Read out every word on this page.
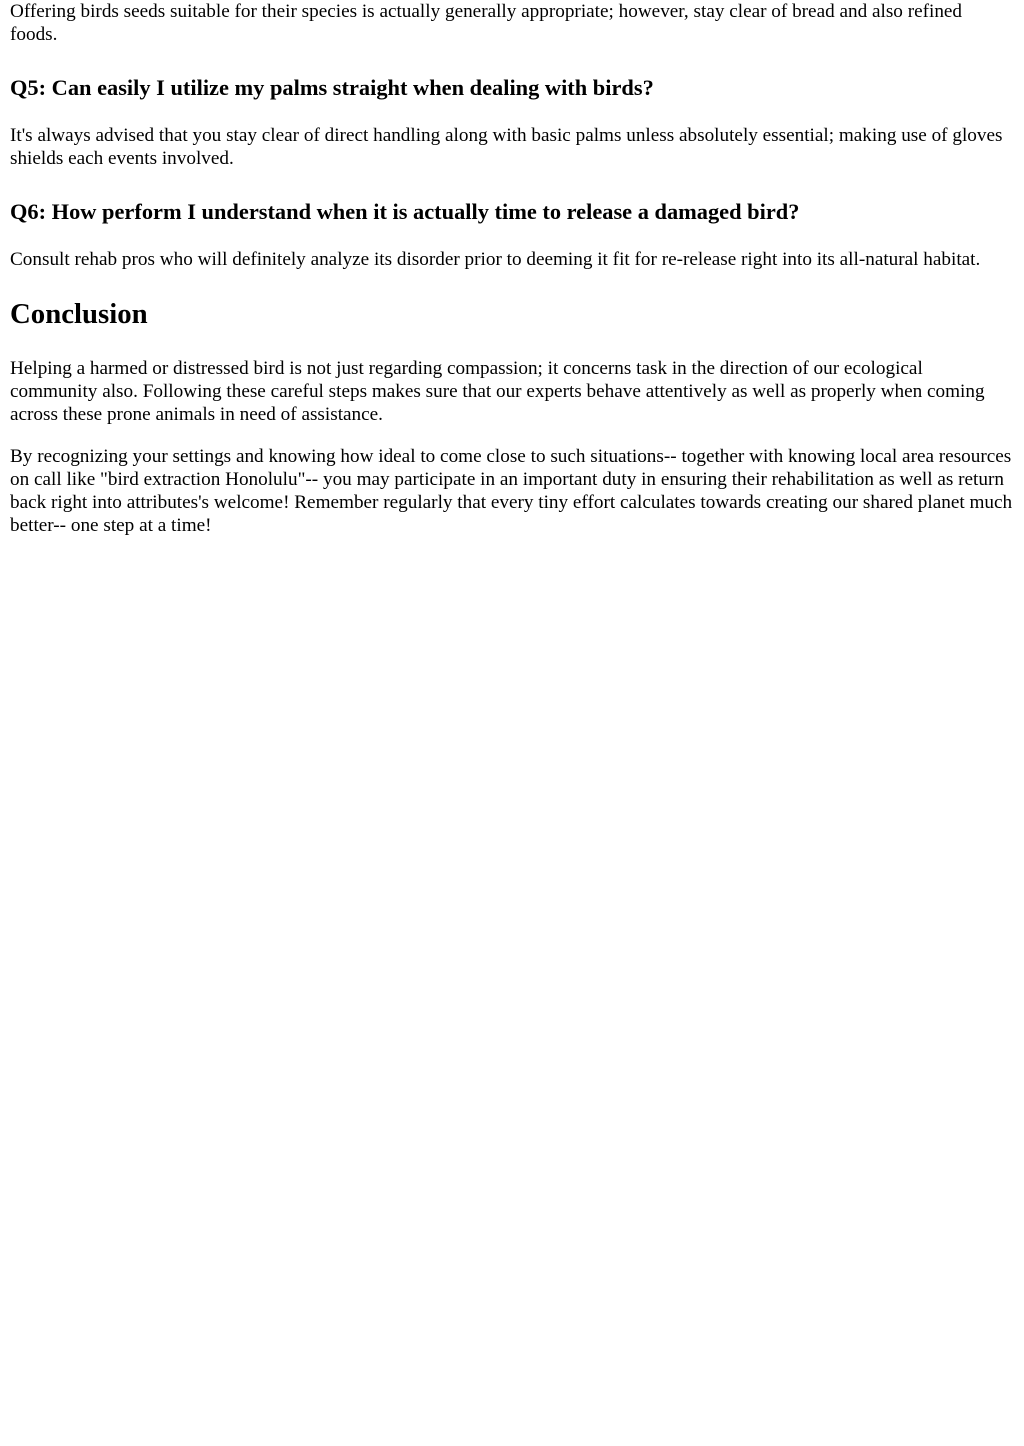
Offering birds seeds suitable for their species is actually generally appropriate; however, stay clear of bread and also refined foods.

Q5: Can easily I utilize my palms straight when dealing with birds?

It's always advised that you stay clear of direct handling along with basic palms unless absolutely essential; making use of gloves shields each events involved.

Q6: How perform I understand when it is actually time to release a damaged bird?

Consult rehab pros who will definitely analyze its disorder prior to deeming it fit for re-release right into its all-natural habitat.

Conclusion

Helping a harmed or distressed bird is not just regarding compassion; it concerns task in the direction of our ecological community also. Following these careful steps makes sure that our experts behave attentively as well as properly when coming across these prone animals in need of assistance.

By recognizing your settings and knowing how ideal to come close to such situations-- together with knowing local area resources on call like "bird extraction Honolulu"-- you may participate in an important duty in ensuring their rehabilitation as well as return back right into attributes's welcome! Remember regularly that every tiny effort calculates towards creating our shared planet much better-- one step at a time!
